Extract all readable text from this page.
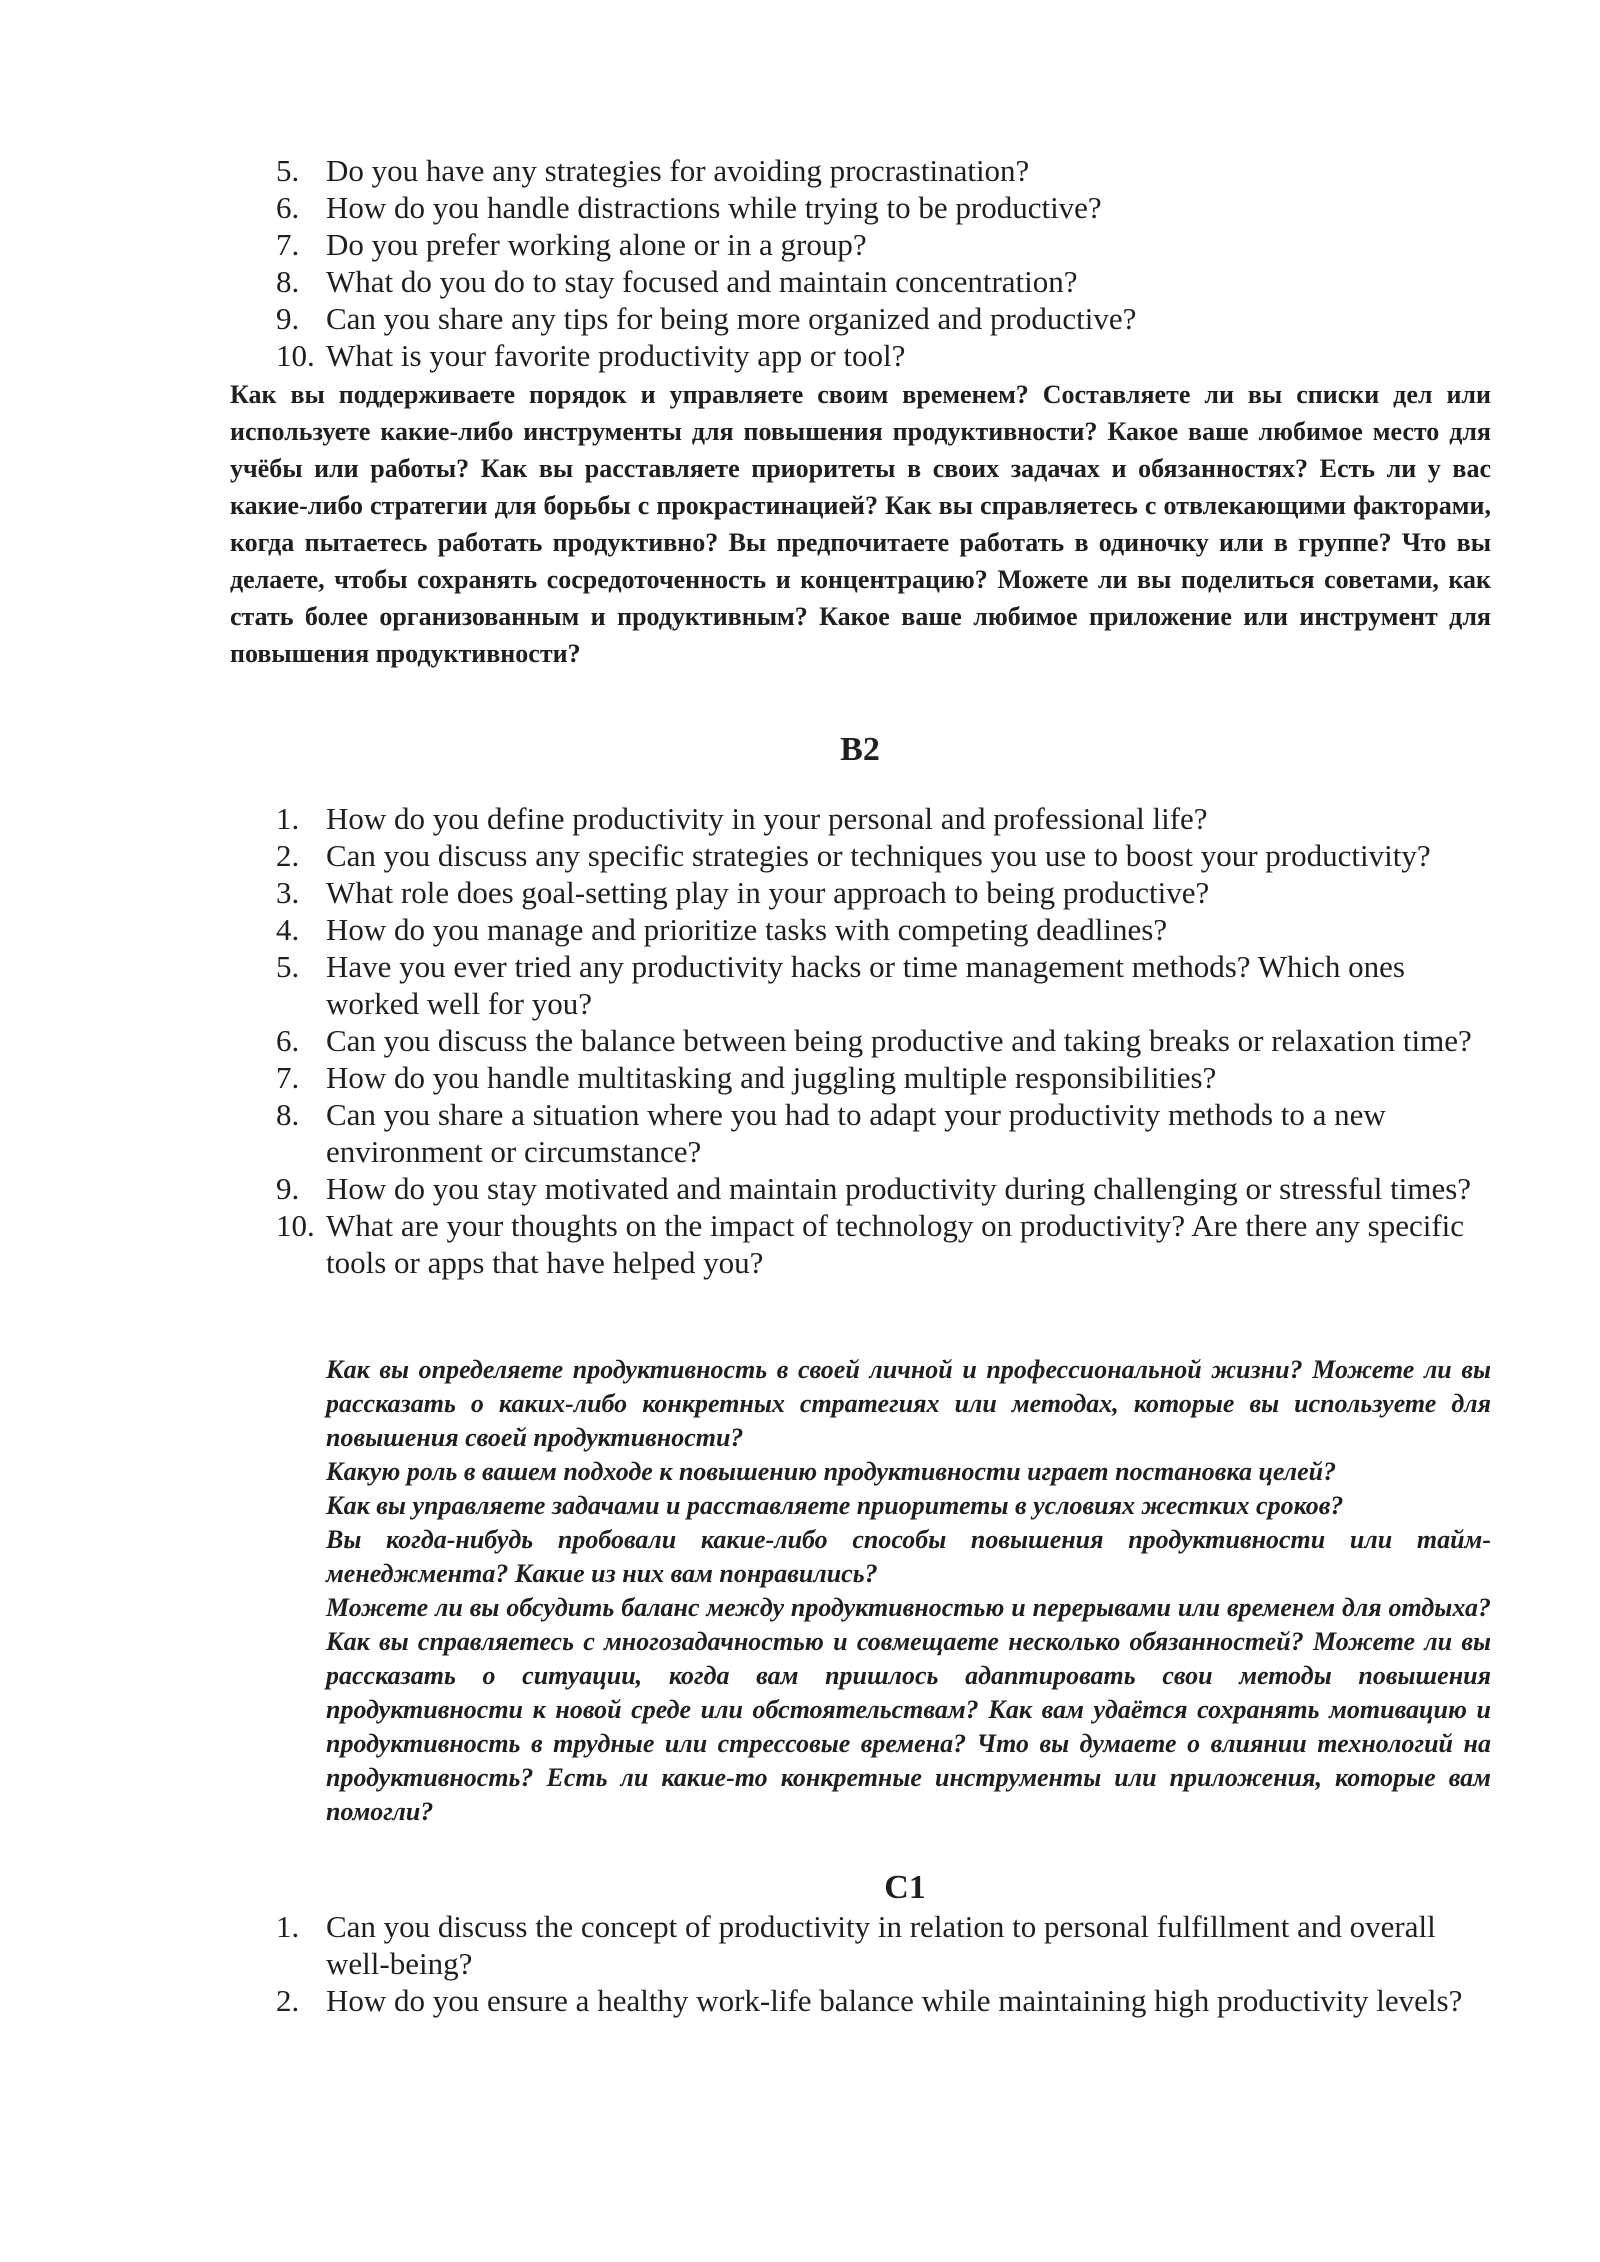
5. Do you have any strategies for avoiding procrastination?
6. How do you handle distractions while trying to be productive?
7. Do you prefer working alone or in a group?
8. What do you do to stay focused and maintain concentration?
9. Can you share any tips for being more organized and productive?
10. What is your favorite productivity app or tool?
Как вы поддерживаете порядок и управляете своим временем? Составляете ли вы списки дел или используете какие-либо инструменты для повышения продуктивности? Какое ваше любимое место для учёбы или работы? Как вы расставляете приоритеты в своих задачах и обязанностях? Есть ли у вас какие-либо стратегии для борьбы с прокрастинацией? Как вы справляетесь с отвлекающими факторами, когда пытаетесь работать продуктивно? Вы предпочитаете работать в одиночку или в группе? Что вы делаете, чтобы сохранять сосредоточенность и концентрацию? Можете ли вы поделиться советами, как стать более организованным и продуктивным? Какое ваше любимое приложение или инструмент для повышения продуктивности?
B2
1. How do you define productivity in your personal and professional life?
2. Can you discuss any specific strategies or techniques you use to boost your productivity?
3. What role does goal-setting play in your approach to being productive?
4. How do you manage and prioritize tasks with competing deadlines?
5. Have you ever tried any productivity hacks or time management methods? Which ones worked well for you?
6. Can you discuss the balance between being productive and taking breaks or relaxation time?
7. How do you handle multitasking and juggling multiple responsibilities?
8. Can you share a situation where you had to adapt your productivity methods to a new environment or circumstance?
9. How do you stay motivated and maintain productivity during challenging or stressful times?
10. What are your thoughts on the impact of technology on productivity? Are there any specific tools or apps that have helped you?

Как вы определяете продуктивность в своей личной и профессиональной жизни? Можете ли вы рассказать о каких-либо конкретных стратегиях или методах, которые вы используете для повышения своей продуктивности?

Какую роль в вашем подходе к повышению продуктивности играет постановка целей?

Как вы управляете задачами и расставляете приоритеты в условиях жестких сроков?

Вы когда-нибудь пробовали какие-либо способы повышения продуктивности или тайм-менеджмента? Какие из них вам понравились?

Можете ли вы обсудить баланс между продуктивностью и перерывами или временем для отдыха? Как вы справляетесь с многозадачностью и совмещаете несколько обязанностей? Можете ли вы рассказать о ситуации, когда вам пришлось адаптировать свои методы повышения продуктивности к новой среде или обстоятельствам? Как вам удаётся сохранять мотивацию и продуктивность в трудные или стрессовые времена? Что вы думаете о влиянии технологий на продуктивность? Есть ли какие-то конкретные инструменты или приложения, которые вам помогли?

C1
1. Can you discuss the concept of productivity in relation to personal fulfillment and overall well-being?
2. How do you ensure a healthy work-life balance while maintaining high productivity levels?
